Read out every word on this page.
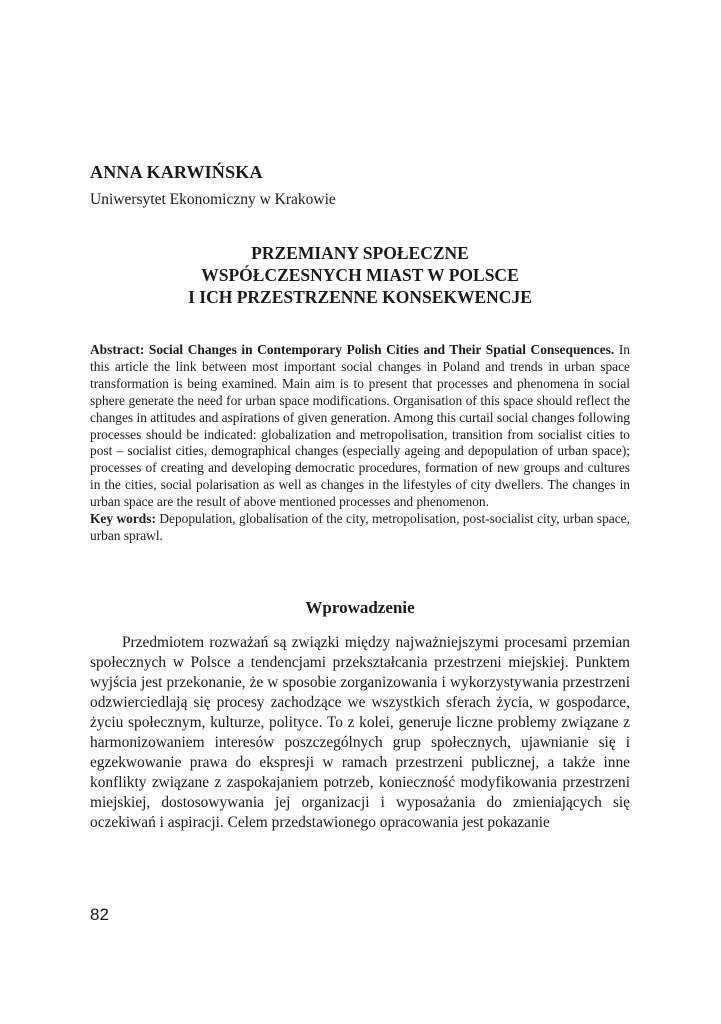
ANNA KARWIŃSKA

Uniwersytet Ekonomiczny w Krakowie

PRZEMIANY SPOŁECZNE
WSPÓŁCZESNYCH MIAST W POLSCE
I ICH PRZESTRZENNE KONSEKWENCJE

Abstract: Social Changes in Contemporary Polish Cities and Their Spatial Consequences. In this article the link between most important social changes in Poland and trends in urban space transformation is being examined. Main aim is to present that processes and phenomena in social sphere generate the need for urban space modifications. Organisation of this space should reflect the changes in attitudes and aspirations of given generation. Among this curtail social changes following processes should be indicated: globalization and metropolisation, transition from socialist cities to post – socialist cities, demographical changes (especially ageing and depopulation of urban space); processes of creating and developing democratic procedures, formation of new groups and cultures in the cities, social polarisation as well as changes in the lifestyles of city dwellers. The changes in urban space are the result of above mentioned processes and phenomenon.

Key words: Depopulation, globalisation of the city, metropolisation, post-socialist city, urban space, urban sprawl.

Wprowadzenie

Przedmiotem rozważań są związki między najważniejszymi procesami przemian społecznych w Polsce a tendencjami przekształcania przestrzeni miejskiej. Punktem wyjścia jest przekonanie, że w sposobie zorganizowania i wykorzystywania przestrzeni odzwierciedlają się procesy zachodzące we wszystkich sferach życia, w gospodarce, życiu społecznym, kulturze, polityce. To z kolei, generuje liczne problemy związane z harmonizowaniem interesów poszczególnych grup społecznych, ujawnianie się i egzekwowanie prawa do ekspresji w ramach przestrzeni publicznej, a także inne konflikty związane z zaspokajaniem potrzeb, konieczność modyfikowania przestrzeni miejskiej, dostosowywania jej organizacji i wyposażania do zmieniających się oczekiwań i aspiracji. Celem przedstawionego opracowania jest pokazanie

82
